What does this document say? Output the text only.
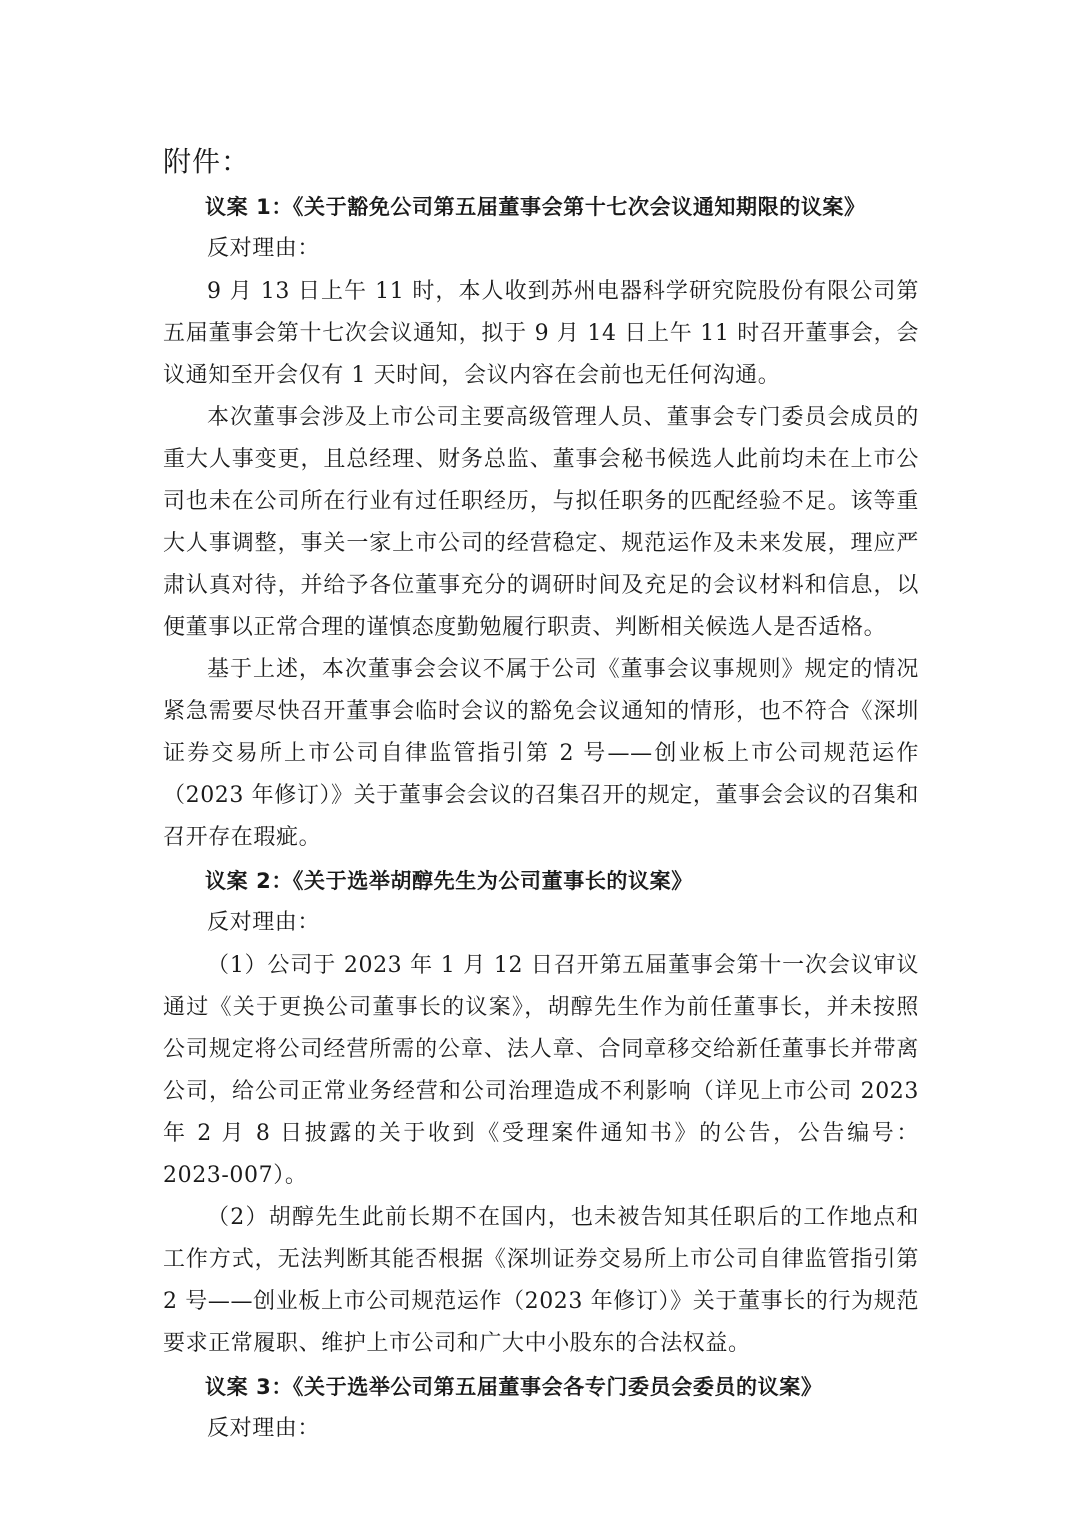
附件：

议案 1：《关于豁免公司第五届董事会第十七次会议通知期限的议案》

反对理由：

9 月 13 日上午 11 时，本人收到苏州电器科学研究院股份有限公司第五届董事会第十七次会议通知，拟于 9 月 14 日上午 11 时召开董事会，会议通知至开会仅有 1 天时间，会议内容在会前也无任何沟通。

本次董事会涉及上市公司主要高级管理人员、董事会专门委员会成员的重大人事变更，且总经理、财务总监、董事会秘书候选人此前均未在上市公司也未在公司所在行业有过任职经历，与拟任职务的匹配经验不足。该等重大人事调整，事关一家上市公司的经营稳定、规范运作及未来发展，理应严肃认真对待，并给予各位董事充分的调研时间及充足的会议材料和信息，以便董事以正常合理的谨慎态度勤勉履行职责、判断相关候选人是否适格。

基于上述，本次董事会会议不属于公司《董事会议事规则》规定的情况紧急需要尽快召开董事会临时会议的豁免会议通知的情形，也不符合《深圳证券交易所上市公司自律监管指引第 2 号——创业板上市公司规范运作（2023 年修订）》关于董事会会议的召集召开的规定，董事会会议的召集和召开存在瑕疵。

议案 2：《关于选举胡醇先生为公司董事长的议案》

反对理由：

（1）公司于 2023 年 1 月 12 日召开第五届董事会第十一次会议审议通过《关于更换公司董事长的议案》，胡醇先生作为前任董事长，并未按照公司规定将公司经营所需的公章、法人章、合同章移交给新任董事长并带离公司，给公司正常业务经营和公司治理造成不利影响（详见上市公司 2023 年 2 月 8 日披露的关于收到《受理案件通知书》的公告，公告编号：2023-007）。

（2）胡醇先生此前长期不在国内，也未被告知其任职后的工作地点和工作方式，无法判断其能否根据《深圳证券交易所上市公司自律监管指引第 2 号——创业板上市公司规范运作（2023 年修订）》关于董事长的行为规范要求正常履职、维护上市公司和广大中小股东的合法权益。

议案 3：《关于选举公司第五届董事会各专门委员会委员的议案》

反对理由：
